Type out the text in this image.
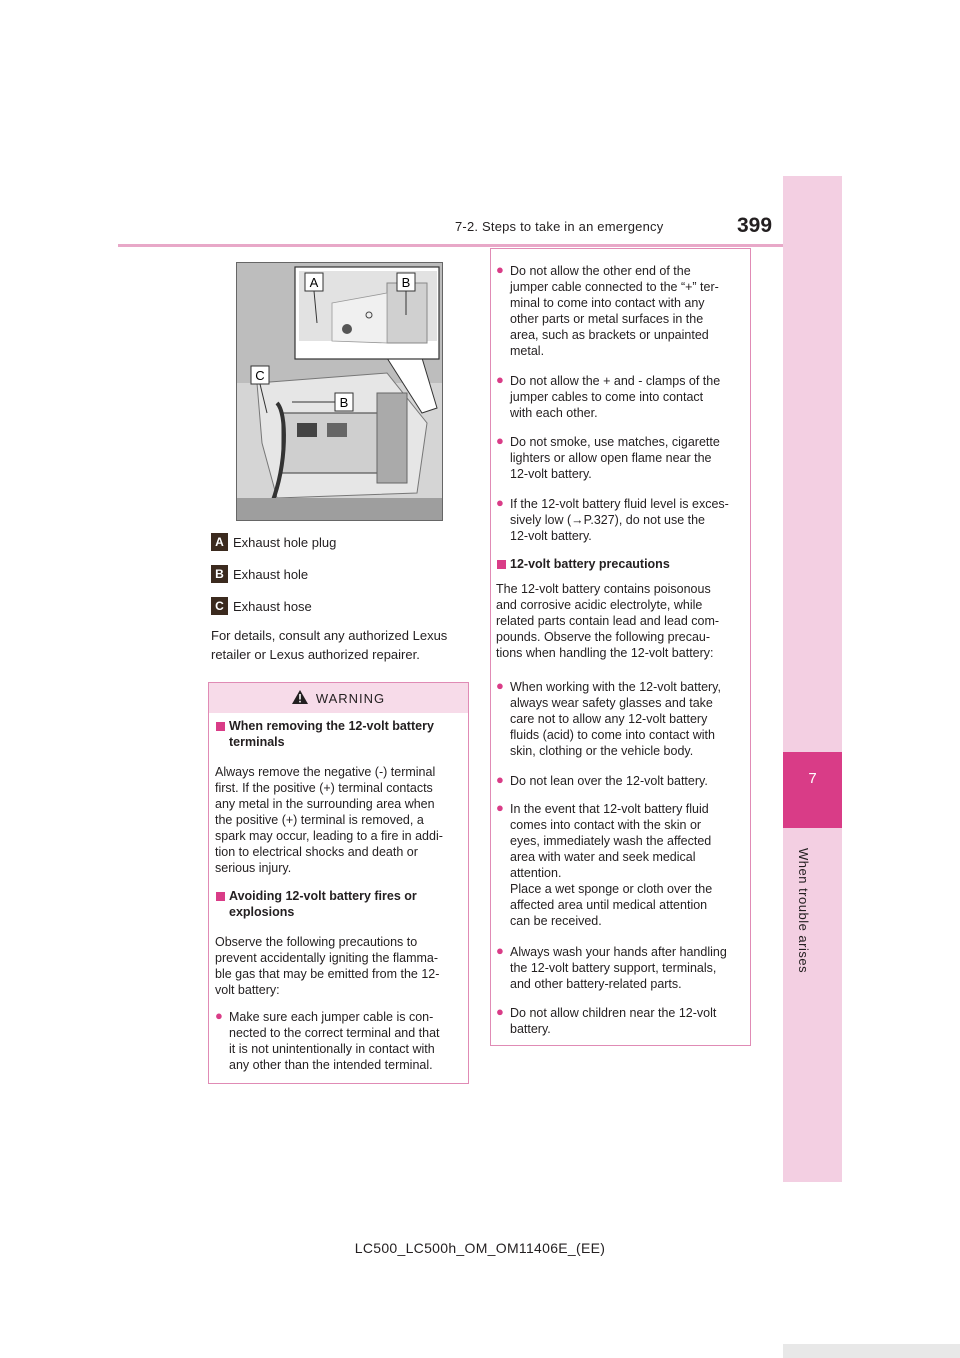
7-2. Steps to take in an emergency	399
7
When trouble arises
A	B
C
B
A Exhaust hole plug
B Exhaust hole
C Exhaust hose
For details, consult any authorized Lexus
retailer or Lexus authorized repairer.
WARNING
When removing the 12-volt battery
terminals
Always remove the negative (-) terminal
first. If the positive (+) terminal contacts
any metal in the surrounding area when
the positive (+) terminal is removed, a
spark may occur, leading to a fire in addi-
tion to electrical shocks and death or
serious injury.
Avoiding 12-volt battery fires or
explosions
Observe the following precautions to
prevent accidentally igniting the flamma-
ble gas that may be emitted from the 12-
volt battery:
● Make sure each jumper cable is con-
nected to the correct terminal and that
it is not unintentionally in contact with
any other than the intended terminal.
● Do not allow the other end of the
jumper cable connected to the “+” ter-
minal to come into contact with any
other parts or metal surfaces in the
area, such as brackets or unpainted
metal.
● Do not allow the + and - clamps of the
jumper cables to come into contact
with each other.
● Do not smoke, use matches, cigarette
lighters or allow open flame near the
12-volt battery.
● If the 12-volt battery fluid level is exces-
sively low (→P.327), do not use the
12-volt battery.
12-volt battery precautions
The 12-volt battery contains poisonous
and corrosive acidic electrolyte, while
related parts contain lead and lead com-
pounds. Observe the following precau-
tions when handling the 12-volt battery:
● When working with the 12-volt battery,
always wear safety glasses and take
care not to allow any 12-volt battery
fluids (acid) to come into contact with
skin, clothing or the vehicle body.
● Do not lean over the 12-volt battery.
● In the event that 12-volt battery fluid
comes into contact with the skin or
eyes, immediately wash the affected
area with water and seek medical
attention.
Place a wet sponge or cloth over the
affected area until medical attention
can be received.
● Always wash your hands after handling
the 12-volt battery support, terminals,
and other battery-related parts.
● Do not allow children near the 12-volt
battery.
LC500_LC500h_OM_OM11406E_(EE)
